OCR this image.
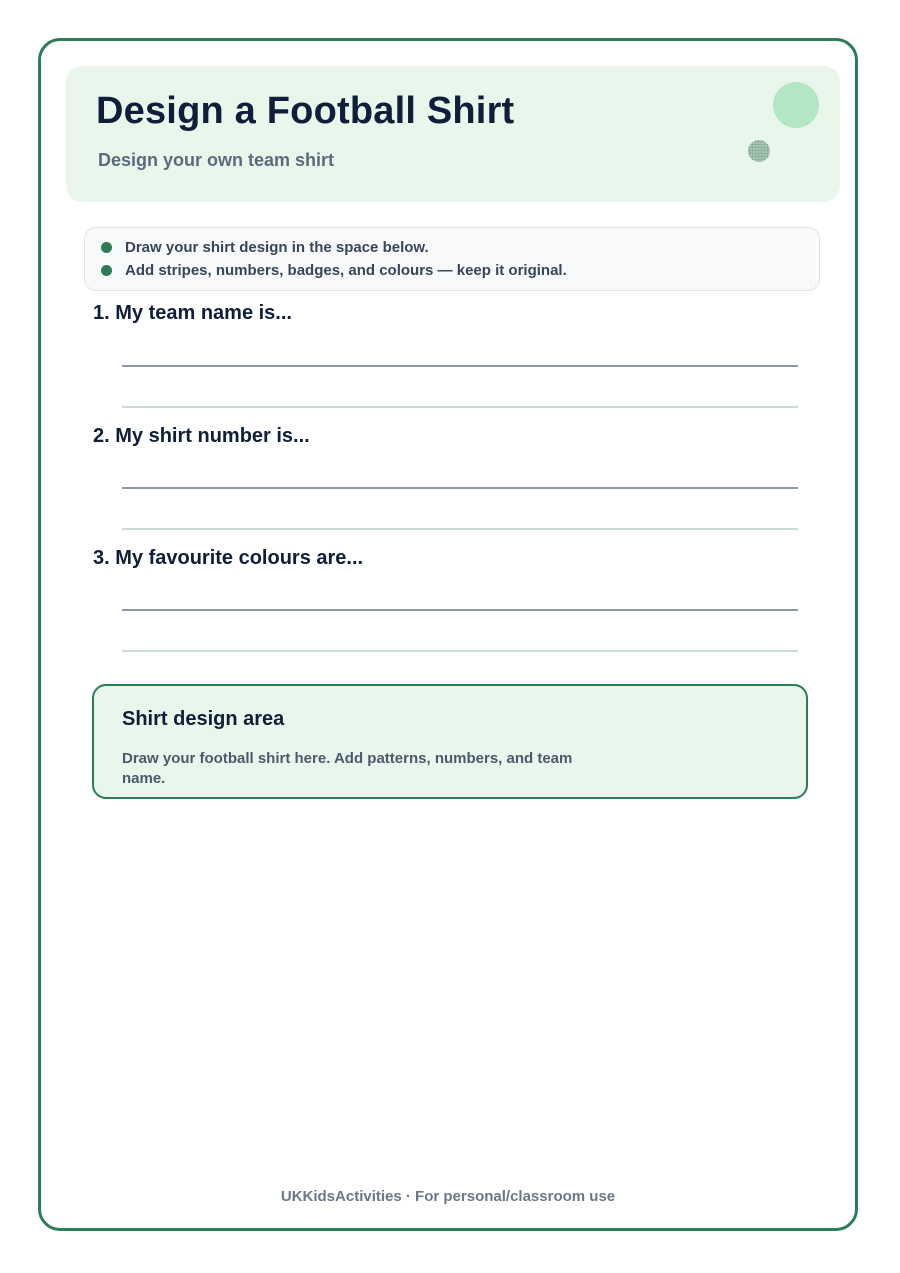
Design a Football Shirt

Design your own team shirt

Draw your shirt design in the space below.
Add stripes, numbers, badges, and colours — keep it original.

1. My team name is...

2. My shirt number is...

3. My favourite colours are...

Shirt design area

Draw your football shirt here. Add patterns, numbers, and team name.

UKKidsActivities · For personal/classroom use
